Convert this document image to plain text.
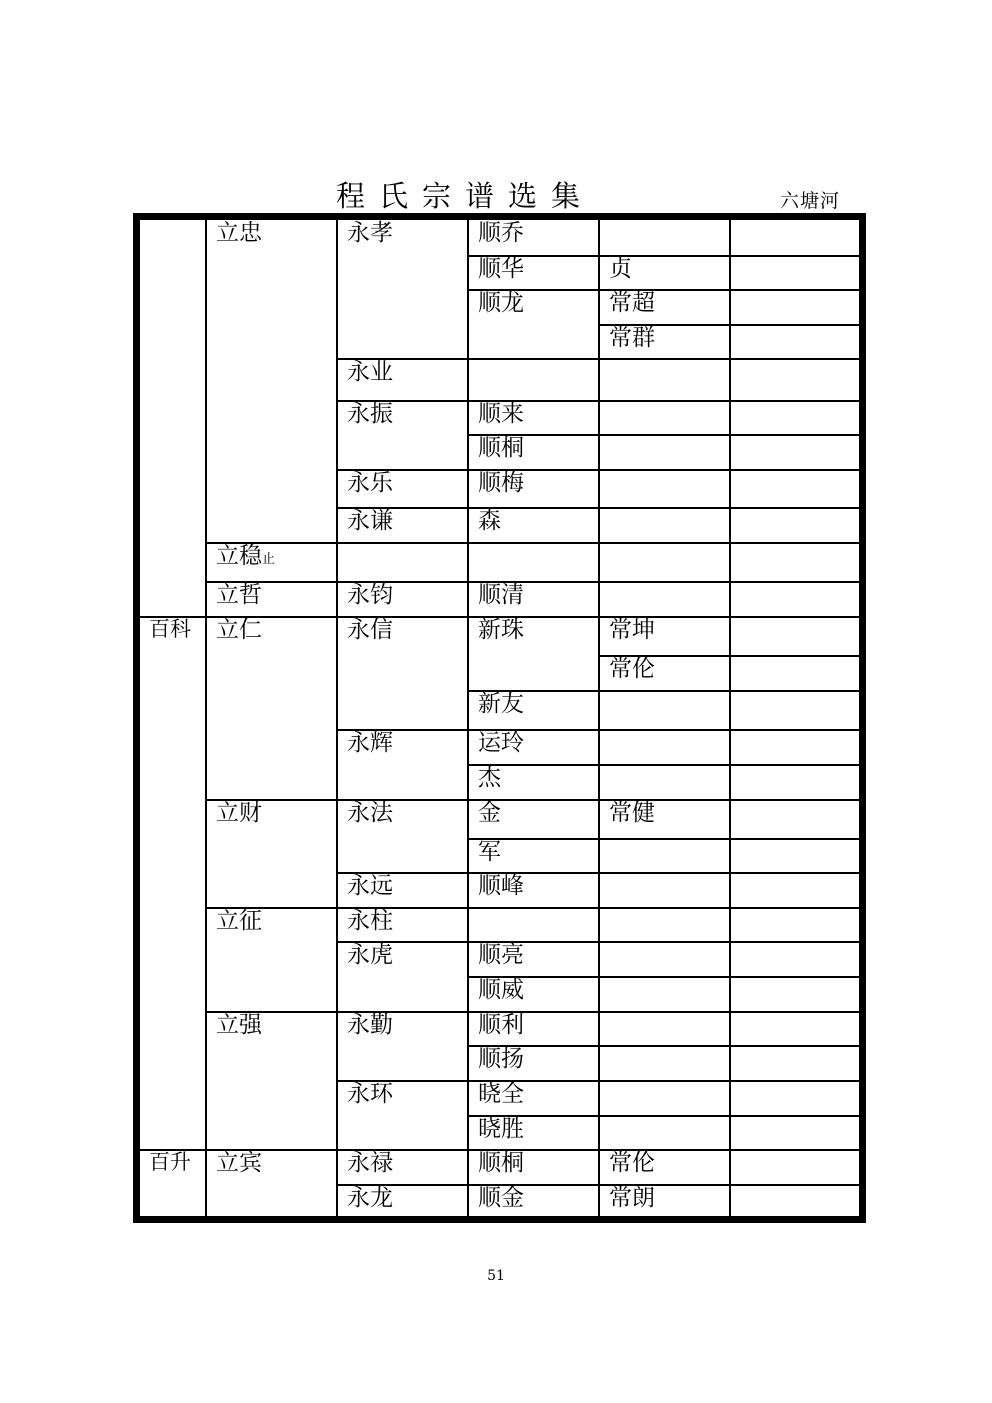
程氏宗谱选集	六塘河
百科
百升
立忠
立稳止
立哲
立仁
立财
立征
立强
立宾
永孝
永业
永振
永乐
永谦
永钧
永信
永辉
永法
永远
永柱
永虎
永勤
永环
永禄
永龙
顺乔
顺华
顺龙
顺来
顺桐
顺梅
森
顺清
新珠
新友
运玲
杰
金
军
顺峰
顺亮
顺威
顺利
顺扬
晓全
晓胜
顺桐
顺金
贞
常超
常群
常坤
常伦
常健
常伦
常朗
51
